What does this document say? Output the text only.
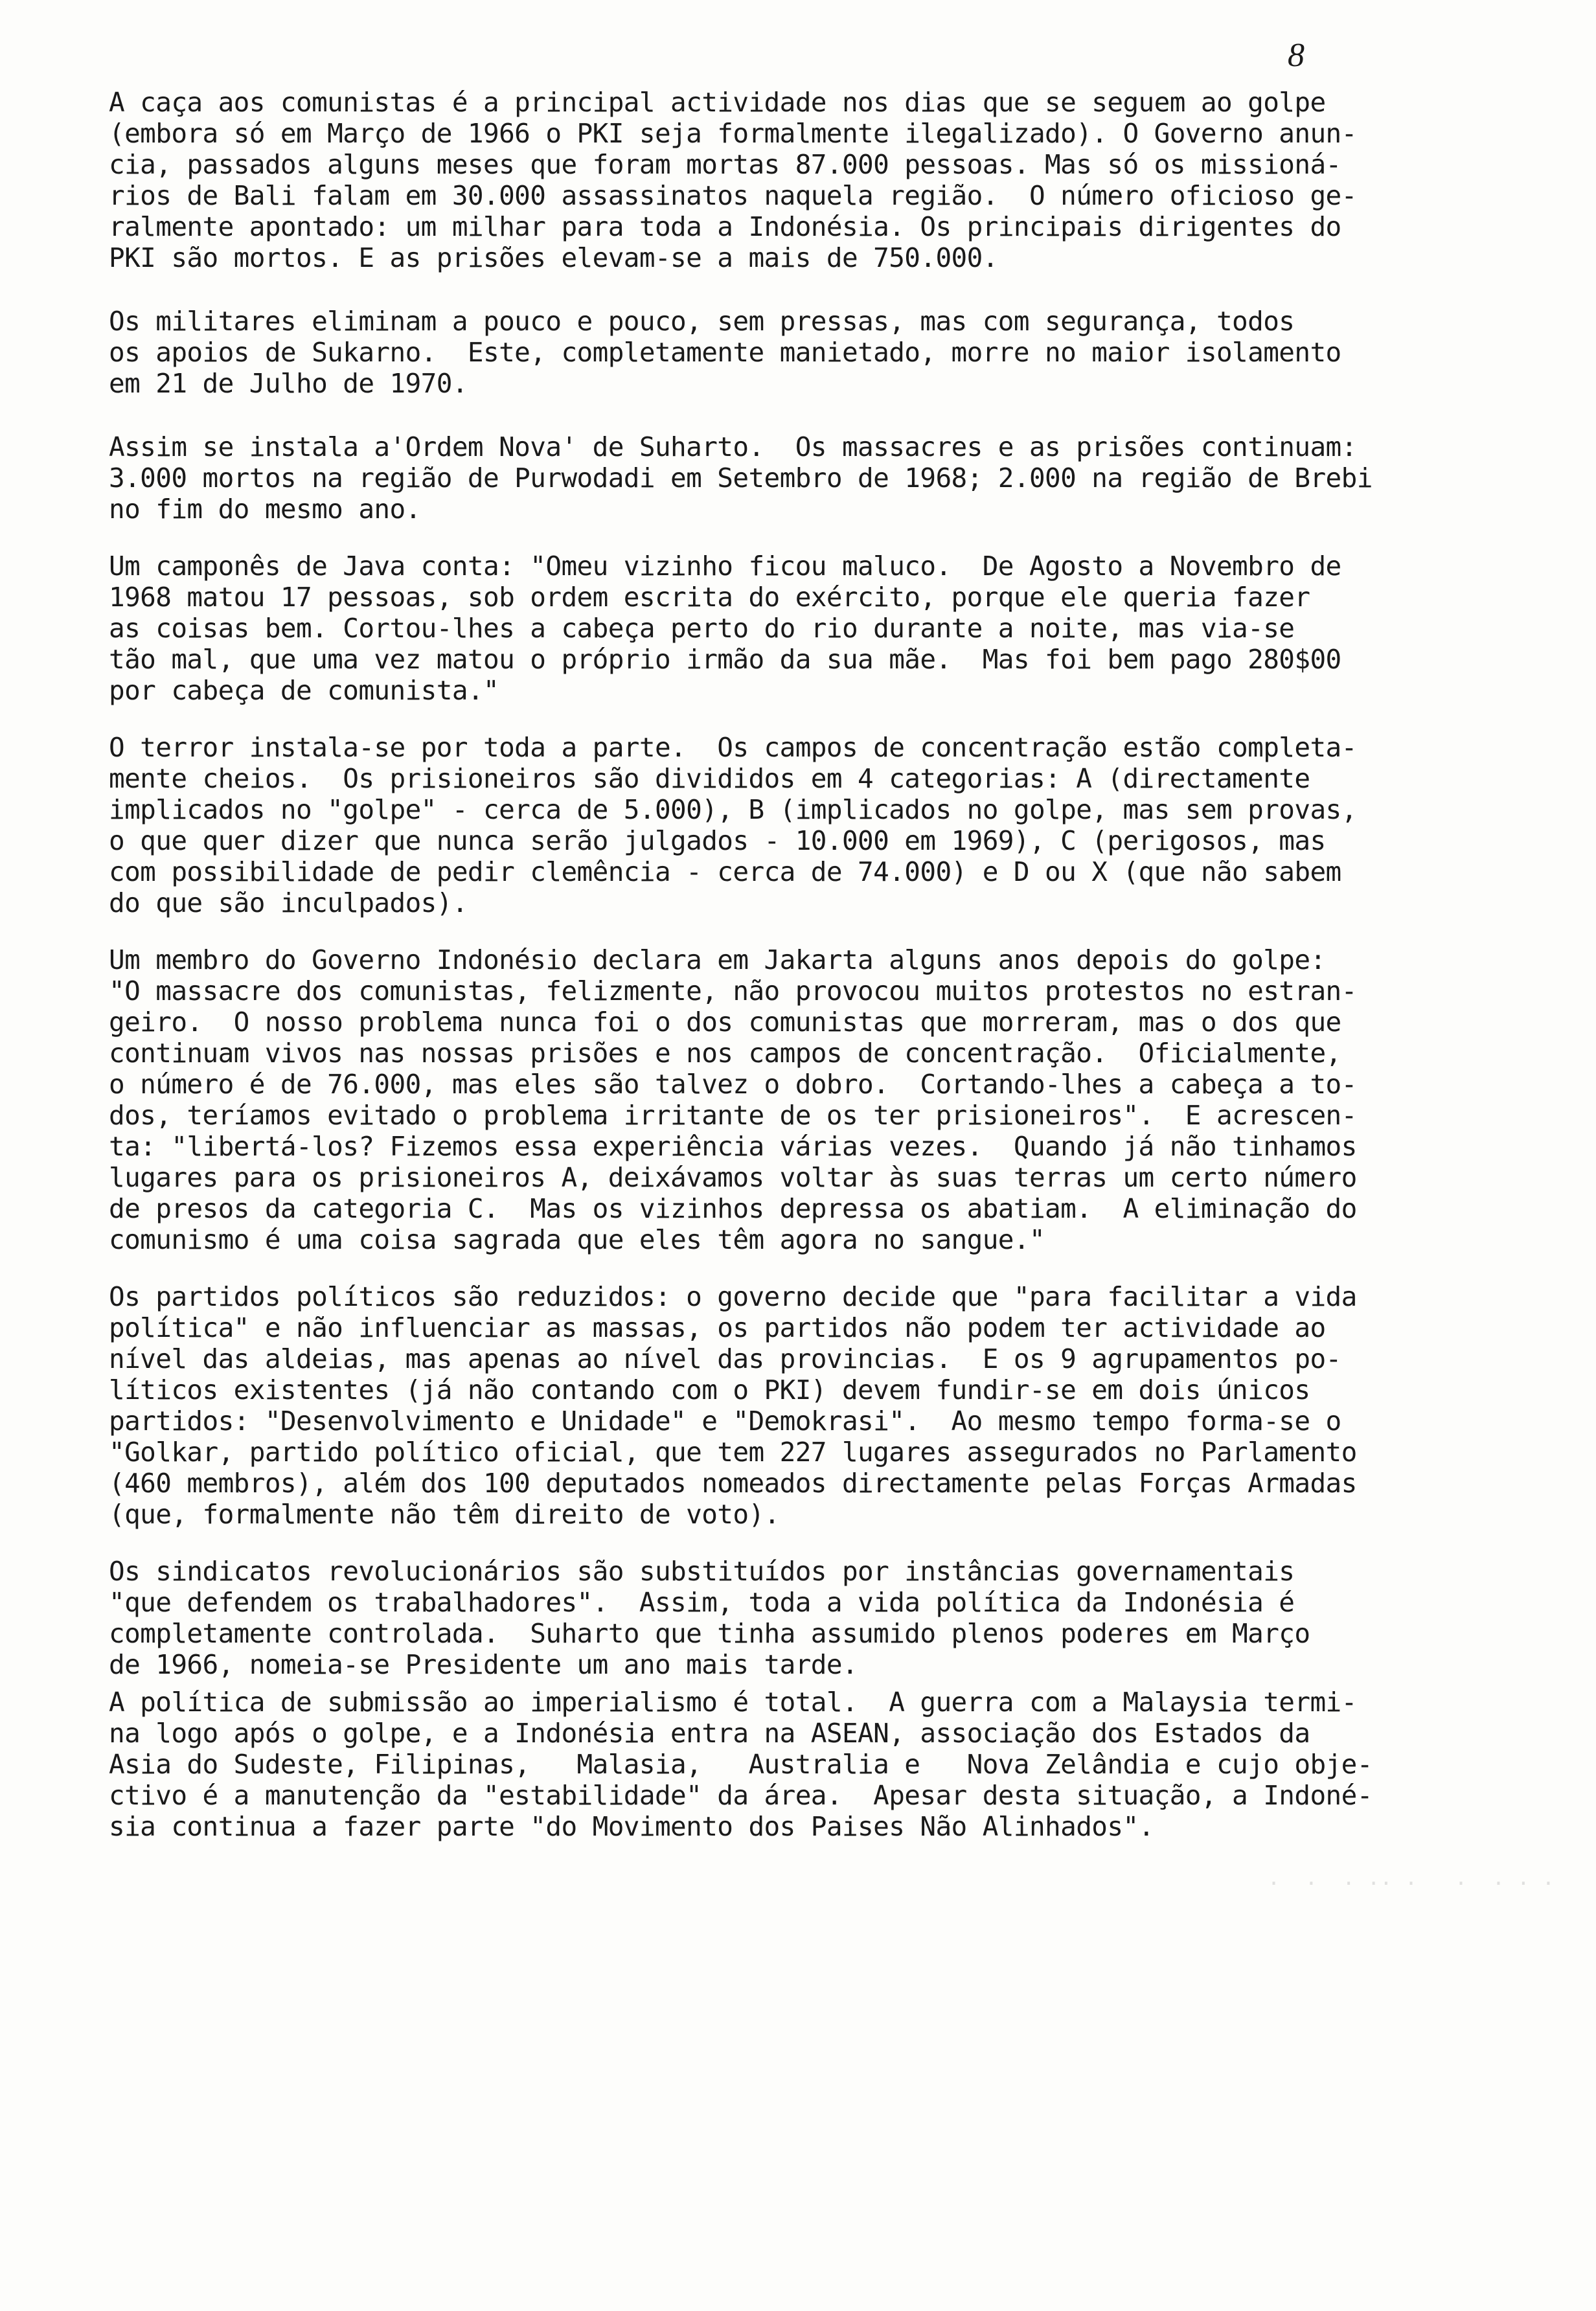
8
· · ·  ·   · ·· ·  ·  ·
A caça aos comunistas é a principal actividade nos dias que se seguem ao golpe
(embora só em Março de 1966 o PKI seja formalmente ilegalizado). O Governo anun-
cia, passados alguns meses que foram mortas 87.000 pessoas. Mas só os missioná-
rios de Bali falam em 30.000 assassinatos naquela região.  O número oficioso ge-
ralmente apontado: um milhar para toda a Indonésia. Os principais dirigentes do
PKI são mortos. E as prisões elevam-se a mais de 750.000.
Os militares eliminam a pouco e pouco, sem pressas, mas com segurança, todos
os apoios de Sukarno.  Este, completamente manietado, morre no maior isolamento
em 21 de Julho de 1970.
Assim se instala a'Ordem Nova' de Suharto.  Os massacres e as prisões continuam:
3.000 mortos na região de Purwodadi em Setembro de 1968; 2.000 na região de Brebi
no fim do mesmo ano.
Um camponês de Java conta: "Omeu vizinho ficou maluco.  De Agosto a Novembro de
1968 matou 17 pessoas, sob ordem escrita do exército, porque ele queria fazer
as coisas bem. Cortou-lhes a cabeça perto do rio durante a noite, mas via-se
tão mal, que uma vez matou o próprio irmão da sua mãe.  Mas foi bem pago 280$00
por cabeça de comunista."
O terror instala-se por toda a parte.  Os campos de concentração estão completa-
mente cheios.  Os prisioneiros são divididos em 4 categorias: A (directamente
implicados no "golpe" - cerca de 5.000), B (implicados no golpe, mas sem provas,
o que quer dizer que nunca serão julgados - 10.000 em 1969), C (perigosos, mas
com possibilidade de pedir clemência - cerca de 74.000) e D ou X (que não sabem
do que são inculpados).
Um membro do Governo Indonésio declara em Jakarta alguns anos depois do golpe:
"O massacre dos comunistas, felizmente, não provocou muitos protestos no estran-
geiro.  O nosso problema nunca foi o dos comunistas que morreram, mas o dos que
continuam vivos nas nossas prisões e nos campos de concentração.  Oficialmente,
o número é de 76.000, mas eles são talvez o dobro.  Cortando-lhes a cabeça a to-
dos, teríamos evitado o problema irritante de os ter prisioneiros".  E acrescen-
ta: "libertá-los? Fizemos essa experiência várias vezes.  Quando já não tinhamos
lugares para os prisioneiros A, deixávamos voltar às suas terras um certo número
de presos da categoria C.  Mas os vizinhos depressa os abatiam.  A eliminação do
comunismo é uma coisa sagrada que eles têm agora no sangue."
Os partidos políticos são reduzidos: o governo decide que "para facilitar a vida
política" e não influenciar as massas, os partidos não podem ter actividade ao
nível das aldeias, mas apenas ao nível das provincias.  E os 9 agrupamentos po-
líticos existentes (já não contando com o PKI) devem fundir-se em dois únicos
partidos: "Desenvolvimento e Unidade" e "Demokrasi".  Ao mesmo tempo forma-se o
"Golkar, partido político oficial, que tem 227 lugares assegurados no Parlamento
(460 membros), além dos 100 deputados nomeados directamente pelas Forças Armadas
(que, formalmente não têm direito de voto).
Os sindicatos revolucionários são substituídos por instâncias governamentais
"que defendem os trabalhadores".  Assim, toda a vida política da Indonésia é
completamente controlada.  Suharto que tinha assumido plenos poderes em Março
de 1966, nomeia-se Presidente um ano mais tarde.
A política de submissão ao imperialismo é total.  A guerra com a Malaysia termi-
na logo após o golpe, e a Indonésia entra na ASEAN, associação dos Estados da
Asia do Sudeste, Filipinas,   Malasia,   Australia e   Nova Zelândia e cujo obje-
ctivo é a manutenção da "estabilidade" da área.  Apesar desta situação, a Indoné-
sia continua a fazer parte "do Movimento dos Paises Não Alinhados".
